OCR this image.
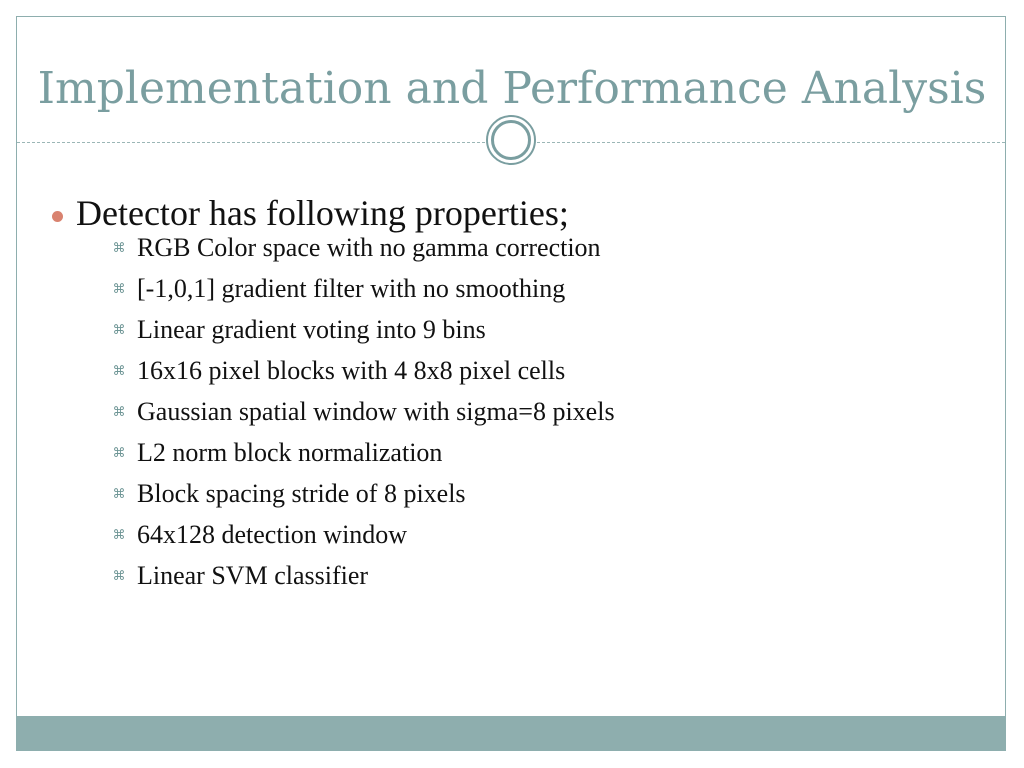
Implementation and Performance Analysis
Detector has following properties;
⌘ RGB Color space with no gamma correction
⌘ [-1,0,1] gradient filter with no smoothing
⌘ Linear gradient voting into 9 bins
⌘ 16x16 pixel blocks with 4 8x8 pixel cells
⌘ Gaussian spatial window with sigma=8 pixels
⌘ L2 norm block normalization
⌘ Block spacing stride of 8 pixels
⌘ 64x128 detection window
⌘ Linear SVM classifier
